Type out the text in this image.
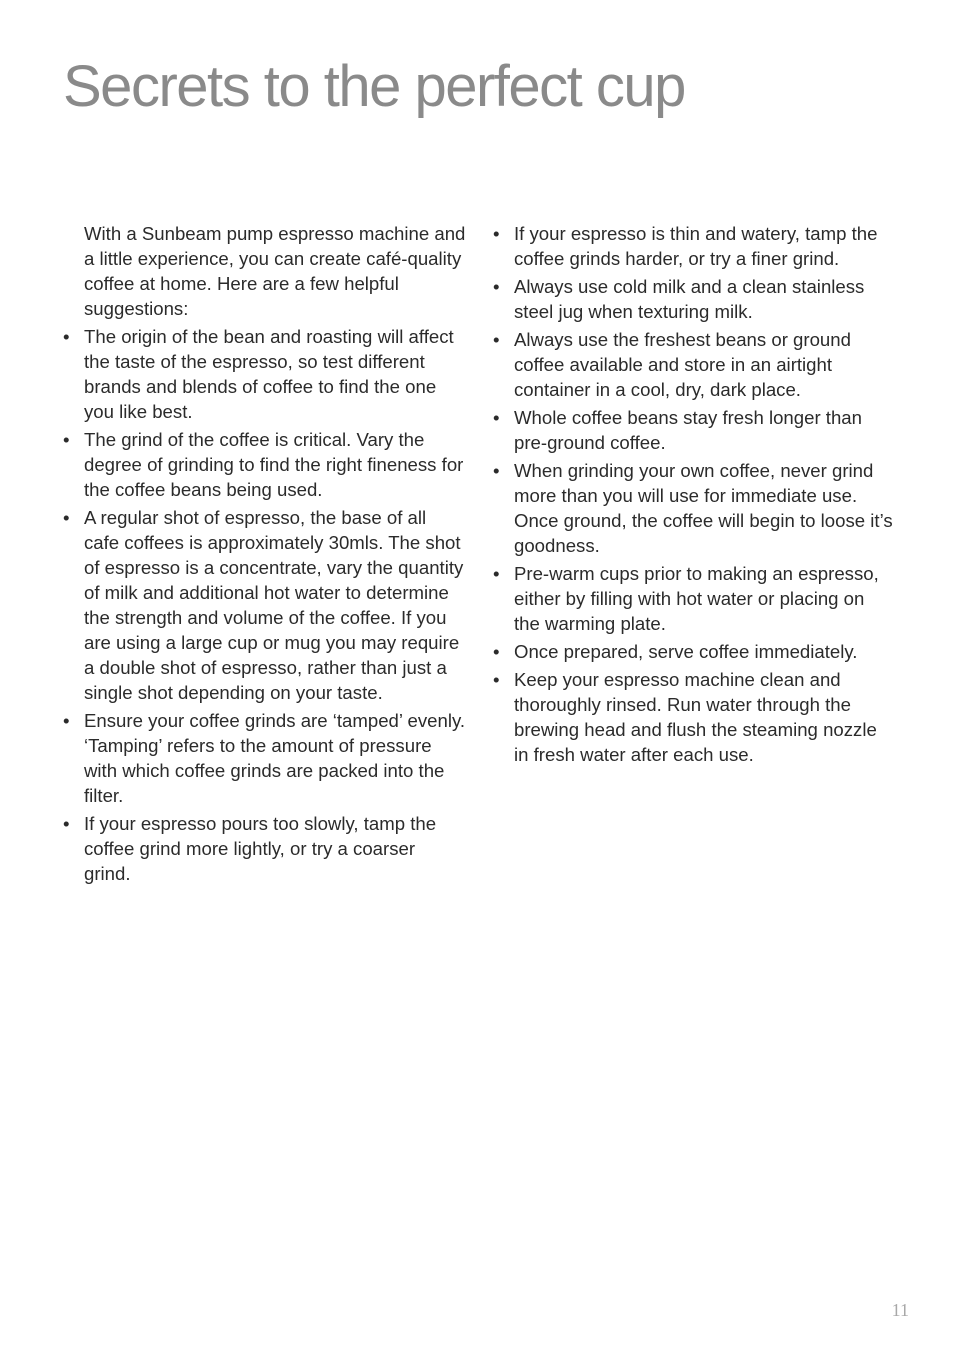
Secrets to the perfect cup

With a Sunbeam pump espresso machine and a little experience, you can create café-quality coffee at home. Here are a few helpful suggestions:

• The origin of the bean and roasting will affect the taste of the espresso, so test different brands and blends of coffee to find the one you like best.
• The grind of the coffee is critical. Vary the degree of grinding to find the right fineness for the coffee beans being used.
• A regular shot of espresso, the base of all cafe coffees is approximately 30mls. The shot of espresso is a concentrate, vary the quantity of milk and additional hot water to determine the strength and volume of the coffee. If you are using a large cup or mug you may require a double shot of espresso, rather than just a single shot depending on your taste.
• Ensure your coffee grinds are ‘tamped’ evenly. ‘Tamping’ refers to the amount of pressure with which coffee grinds are packed into the filter.
• If your espresso pours too slowly, tamp the coffee grind more lightly, or try a coarser grind.
• If your espresso is thin and watery, tamp the coffee grinds harder, or try a finer grind.
• Always use cold milk and a clean stainless steel jug when texturing milk.
• Always use the freshest beans or ground coffee available and store in an airtight container in a cool, dry, dark place.
• Whole coffee beans stay fresh longer than pre-ground coffee.
• When grinding your own coffee, never grind more than you will use for immediate use. Once ground, the coffee will begin to loose it’s goodness.
• Pre-warm cups prior to making an espresso, either by filling with hot water or placing on the warming plate.
• Once prepared, serve coffee immediately.
• Keep your espresso machine clean and thoroughly rinsed. Run water through the brewing head and flush the steaming nozzle in fresh water after each use.
11
